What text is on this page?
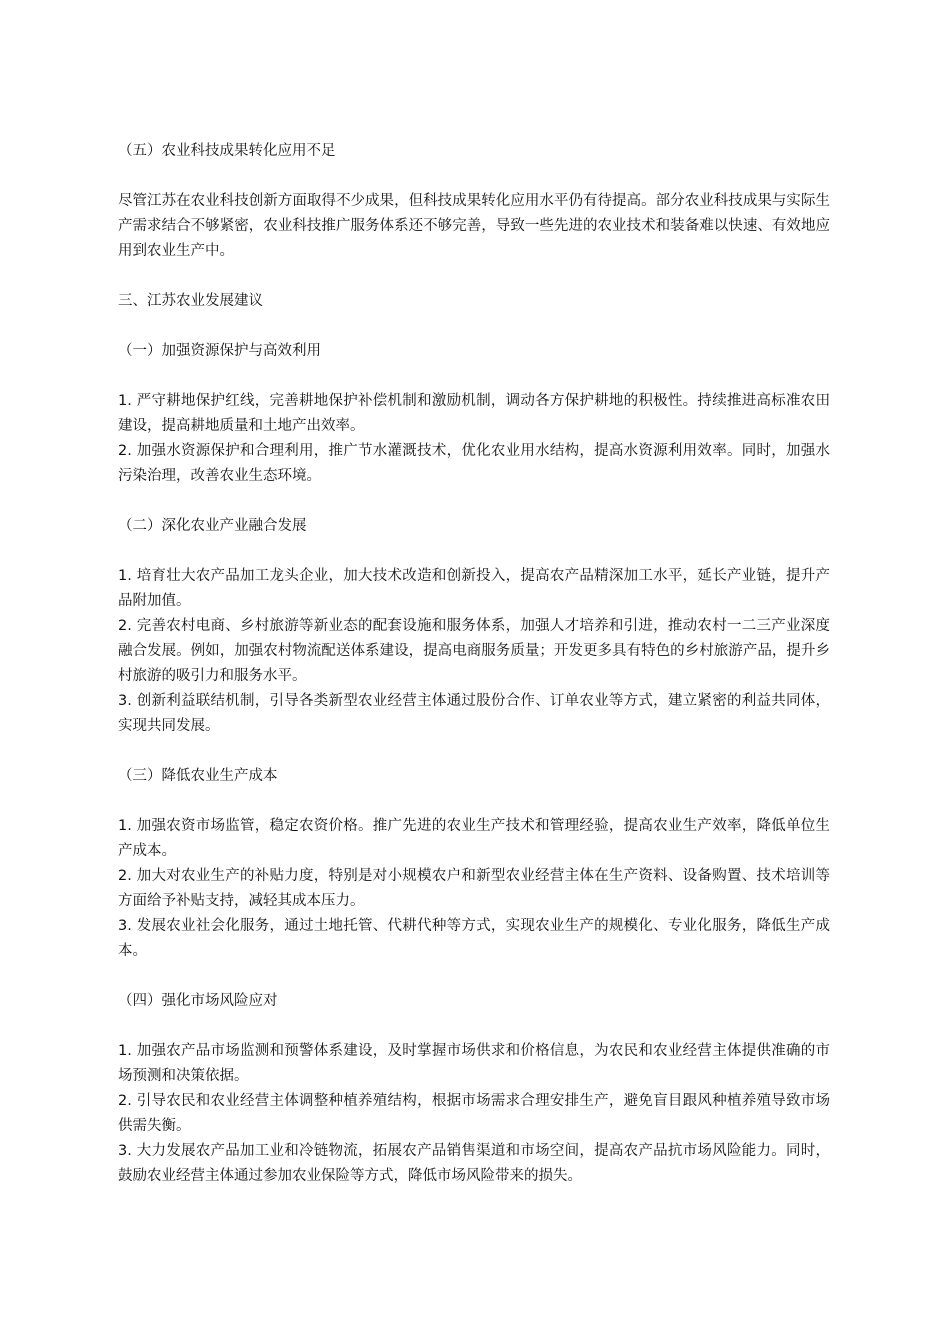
（五）农业科技成果转化应用不足

尽管江苏在农业科技创新方面取得不少成果，但科技成果转化应用水平仍有待提高。部分农业科技成果与实际生产需求结合不够紧密，农业科技推广服务体系还不够完善，导致一些先进的农业技术和装备难以快速、有效地应用到农业生产中。

三、江苏农业发展建议

（一）加强资源保护与高效利用

1. 严守耕地保护红线，完善耕地保护补偿机制和激励机制，调动各方保护耕地的积极性。持续推进高标准农田建设，提高耕地质量和土地产出效率。

2. 加强水资源保护和合理利用，推广节水灌溉技术，优化农业用水结构，提高水资源利用效率。同时，加强水污染治理，改善农业生态环境。

（二）深化农业产业融合发展

1. 培育壮大农产品加工龙头企业，加大技术改造和创新投入，提高农产品精深加工水平，延长产业链，提升产品附加值。

2. 完善农村电商、乡村旅游等新业态的配套设施和服务体系，加强人才培养和引进，推动农村一二三产业深度融合发展。例如，加强农村物流配送体系建设，提高电商服务质量；开发更多具有特色的乡村旅游产品，提升乡村旅游的吸引力和服务水平。

3. 创新利益联结机制，引导各类新型农业经营主体通过股份合作、订单农业等方式，建立紧密的利益共同体，实现共同发展。

（三）降低农业生产成本

1. 加强农资市场监管，稳定农资价格。推广先进的农业生产技术和管理经验，提高农业生产效率，降低单位生产成本。

2. 加大对农业生产的补贴力度，特别是对小规模农户和新型农业经营主体在生产资料、设备购置、技术培训等方面给予补贴支持，减轻其成本压力。

3. 发展农业社会化服务，通过土地托管、代耕代种等方式，实现农业生产的规模化、专业化服务，降低生产成本。

（四）强化市场风险应对

1. 加强农产品市场监测和预警体系建设，及时掌握市场供求和价格信息，为农民和农业经营主体提供准确的市场预测和决策依据。

2. 引导农民和农业经营主体调整种植养殖结构，根据市场需求合理安排生产，避免盲目跟风种植养殖导致市场供需失衡。

3. 大力发展农产品加工业和冷链物流，拓展农产品销售渠道和市场空间，提高农产品抗市场风险能力。同时，鼓励农业经营主体通过参加农业保险等方式，降低市场风险带来的损失。
